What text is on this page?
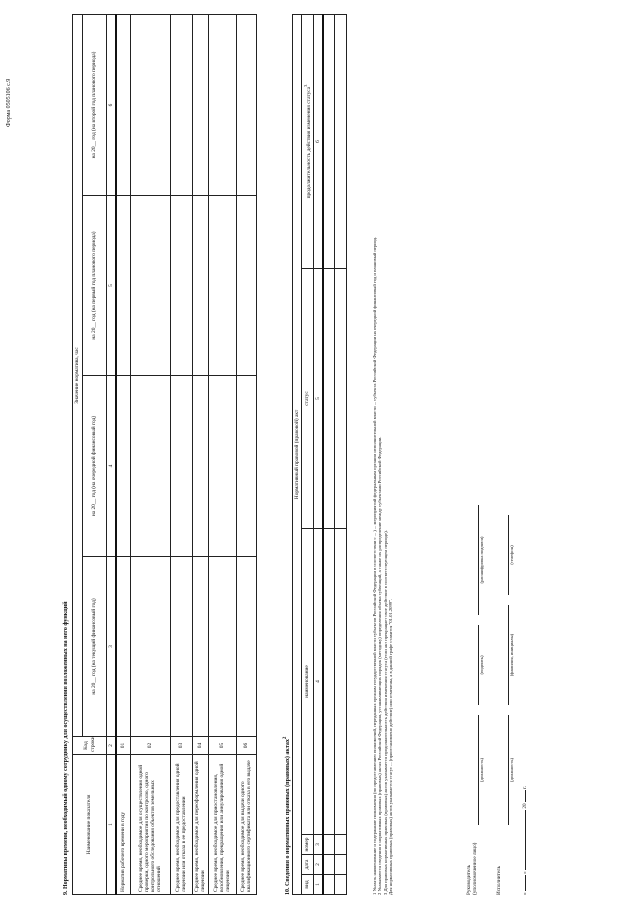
Форма 0505106 с.9
9. Нормативы времени, необходимый одному сотруднику для осуществления возложенных на него функций	Наименование показателя	Код строки	Значение норматива, час			
		на 20__ год (на текущий финансовый год)	на 20__ год (на очередной финансовый год)	на 20__ год (на первый год планового периода)	на 20__ год (на второй год планового периода)
1	2	3	4	5	6
Норматив рабочего времени в году	01				
Среднее время, необходимое для осуществления одной проверки, одного мероприятия по контролю, одного контрольного обследования объектов земельных отношений	02				
Среднее время, необходимое для предоставления одной лицензии или отказа в ее предоставлении	03				
Среднее время, необходимое для переоформления одной лицензии	04				
Среднее время, необходимое для приостановления, возобновления, прекращения или аннулирования одной лицензии	05				
Среднее время, необходимое для выдачи одного квалификационного сертификата или отказа в его выдаче	06					10. Сведения о нормативных правовых (правовых) актах$^2$
Нормативный правовой (правовой) акт					
вид	дата	номер	наименование	статус	продолжительность действия изменения статуса$^3$
1	2	3	4	5	6

1 Указать наименование и содержание полномочия (по предоставлению полномочий, переданных органам государственной власти субъектов Российской Федерации в соответствии с ... ) ... мероприятий федеральным органом исполнительной власти ... субъекта Российской Федерации на очередной финансовый год и плановый период. 2 Указываются сведения о нормативных правовых (правовых) актах Российской Федерации, устанавливающих порядок (методику) определения объема субвенций, а также их распределение между субъектами Российской Федерации. 3 Для правовых нормативных правовых (правовых) актов указывается продолжительность действия изменения статуса (если акт прекращает свое действие в соответствующем периоде). Для нормативных правовых (правовых) актов указывается статус ... (приостановлено действие) или отменены, а в данной графе ставится "01.01.2099".	Руководитель (уполномоченное лицо)
(должность)
(подпись)
(расшифровка подписи)
Исполнитель
(должность)
(фамилия, инициалы)
(телефон)
«  »  20  г.
